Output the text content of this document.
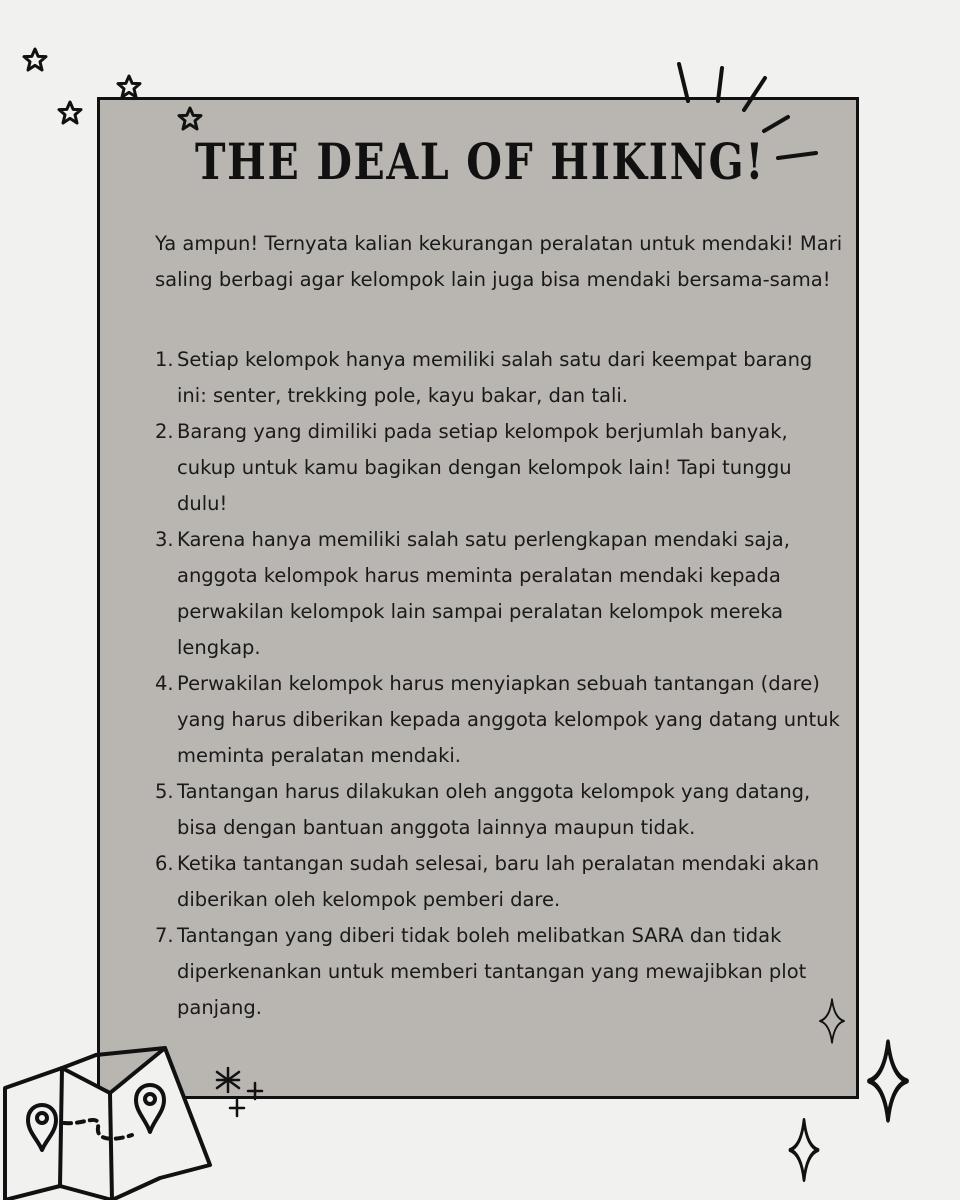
THE DEAL OF HIKING!

Ya ampun! Ternyata kalian kekurangan peralatan untuk mendaki! Mari saling berbagi agar kelompok lain juga bisa mendaki bersama-sama!

1. Setiap kelompok hanya memiliki salah satu dari keempat barang ini: senter, trekking pole, kayu bakar, dan tali.
2. Barang yang dimiliki pada setiap kelompok berjumlah banyak, cukup untuk kamu bagikan dengan kelompok lain! Tapi tunggu dulu!
3. Karena hanya memiliki salah satu perlengkapan mendaki saja, anggota kelompok harus meminta peralatan mendaki kepada perwakilan kelompok lain sampai peralatan kelompok mereka lengkap.
4. Perwakilan kelompok harus menyiapkan sebuah tantangan (dare) yang harus diberikan kepada anggota kelompok yang datang untuk meminta peralatan mendaki.
5. Tantangan harus dilakukan oleh anggota kelompok yang datang, bisa dengan bantuan anggota lainnya maupun tidak.
6. Ketika tantangan sudah selesai, baru lah peralatan mendaki akan diberikan oleh kelompok pemberi dare.
7. Tantangan yang diberi tidak boleh melibatkan SARA dan tidak diperkenankan untuk memberi tantangan yang mewajibkan plot panjang.
